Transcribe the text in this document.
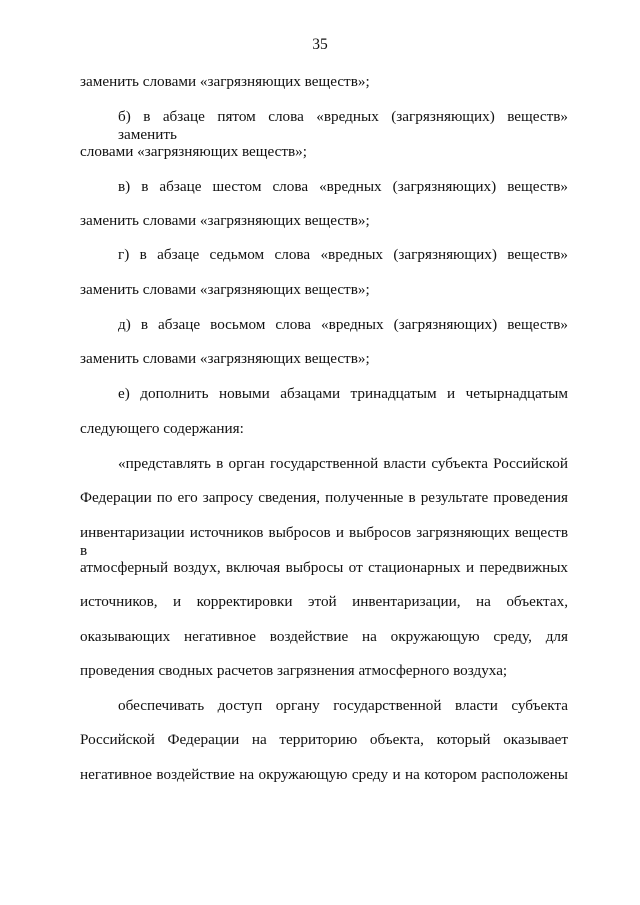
35
заменить словами «загрязняющих веществ»;
б) в абзаце пятом слова «вредных (загрязняющих) веществ» заменить
словами «загрязняющих веществ»;
в) в абзаце шестом слова «вредных (загрязняющих) веществ»
заменить словами «загрязняющих веществ»;
г) в абзаце седьмом слова «вредных (загрязняющих) веществ»
заменить словами «загрязняющих веществ»;
д) в абзаце восьмом слова «вредных (загрязняющих) веществ»
заменить словами «загрязняющих веществ»;
е) дополнить новыми абзацами тринадцатым и четырнадцатым
следующего содержания:
«представлять в орган государственной власти субъекта Российской
Федерации по его запросу сведения, полученные в результате проведения
инвентаризации источников выбросов и выбросов загрязняющих веществ в
атмосферный воздух, включая выбросы от стационарных и передвижных
источников, и корректировки этой инвентаризации, на объектах,
оказывающих негативное воздействие на окружающую среду, для
проведения сводных расчетов загрязнения атмосферного воздуха;
обеспечивать доступ органу государственной власти субъекта
Российской Федерации на территорию объекта, который оказывает
негативное воздействие на окружающую среду и на котором расположены
